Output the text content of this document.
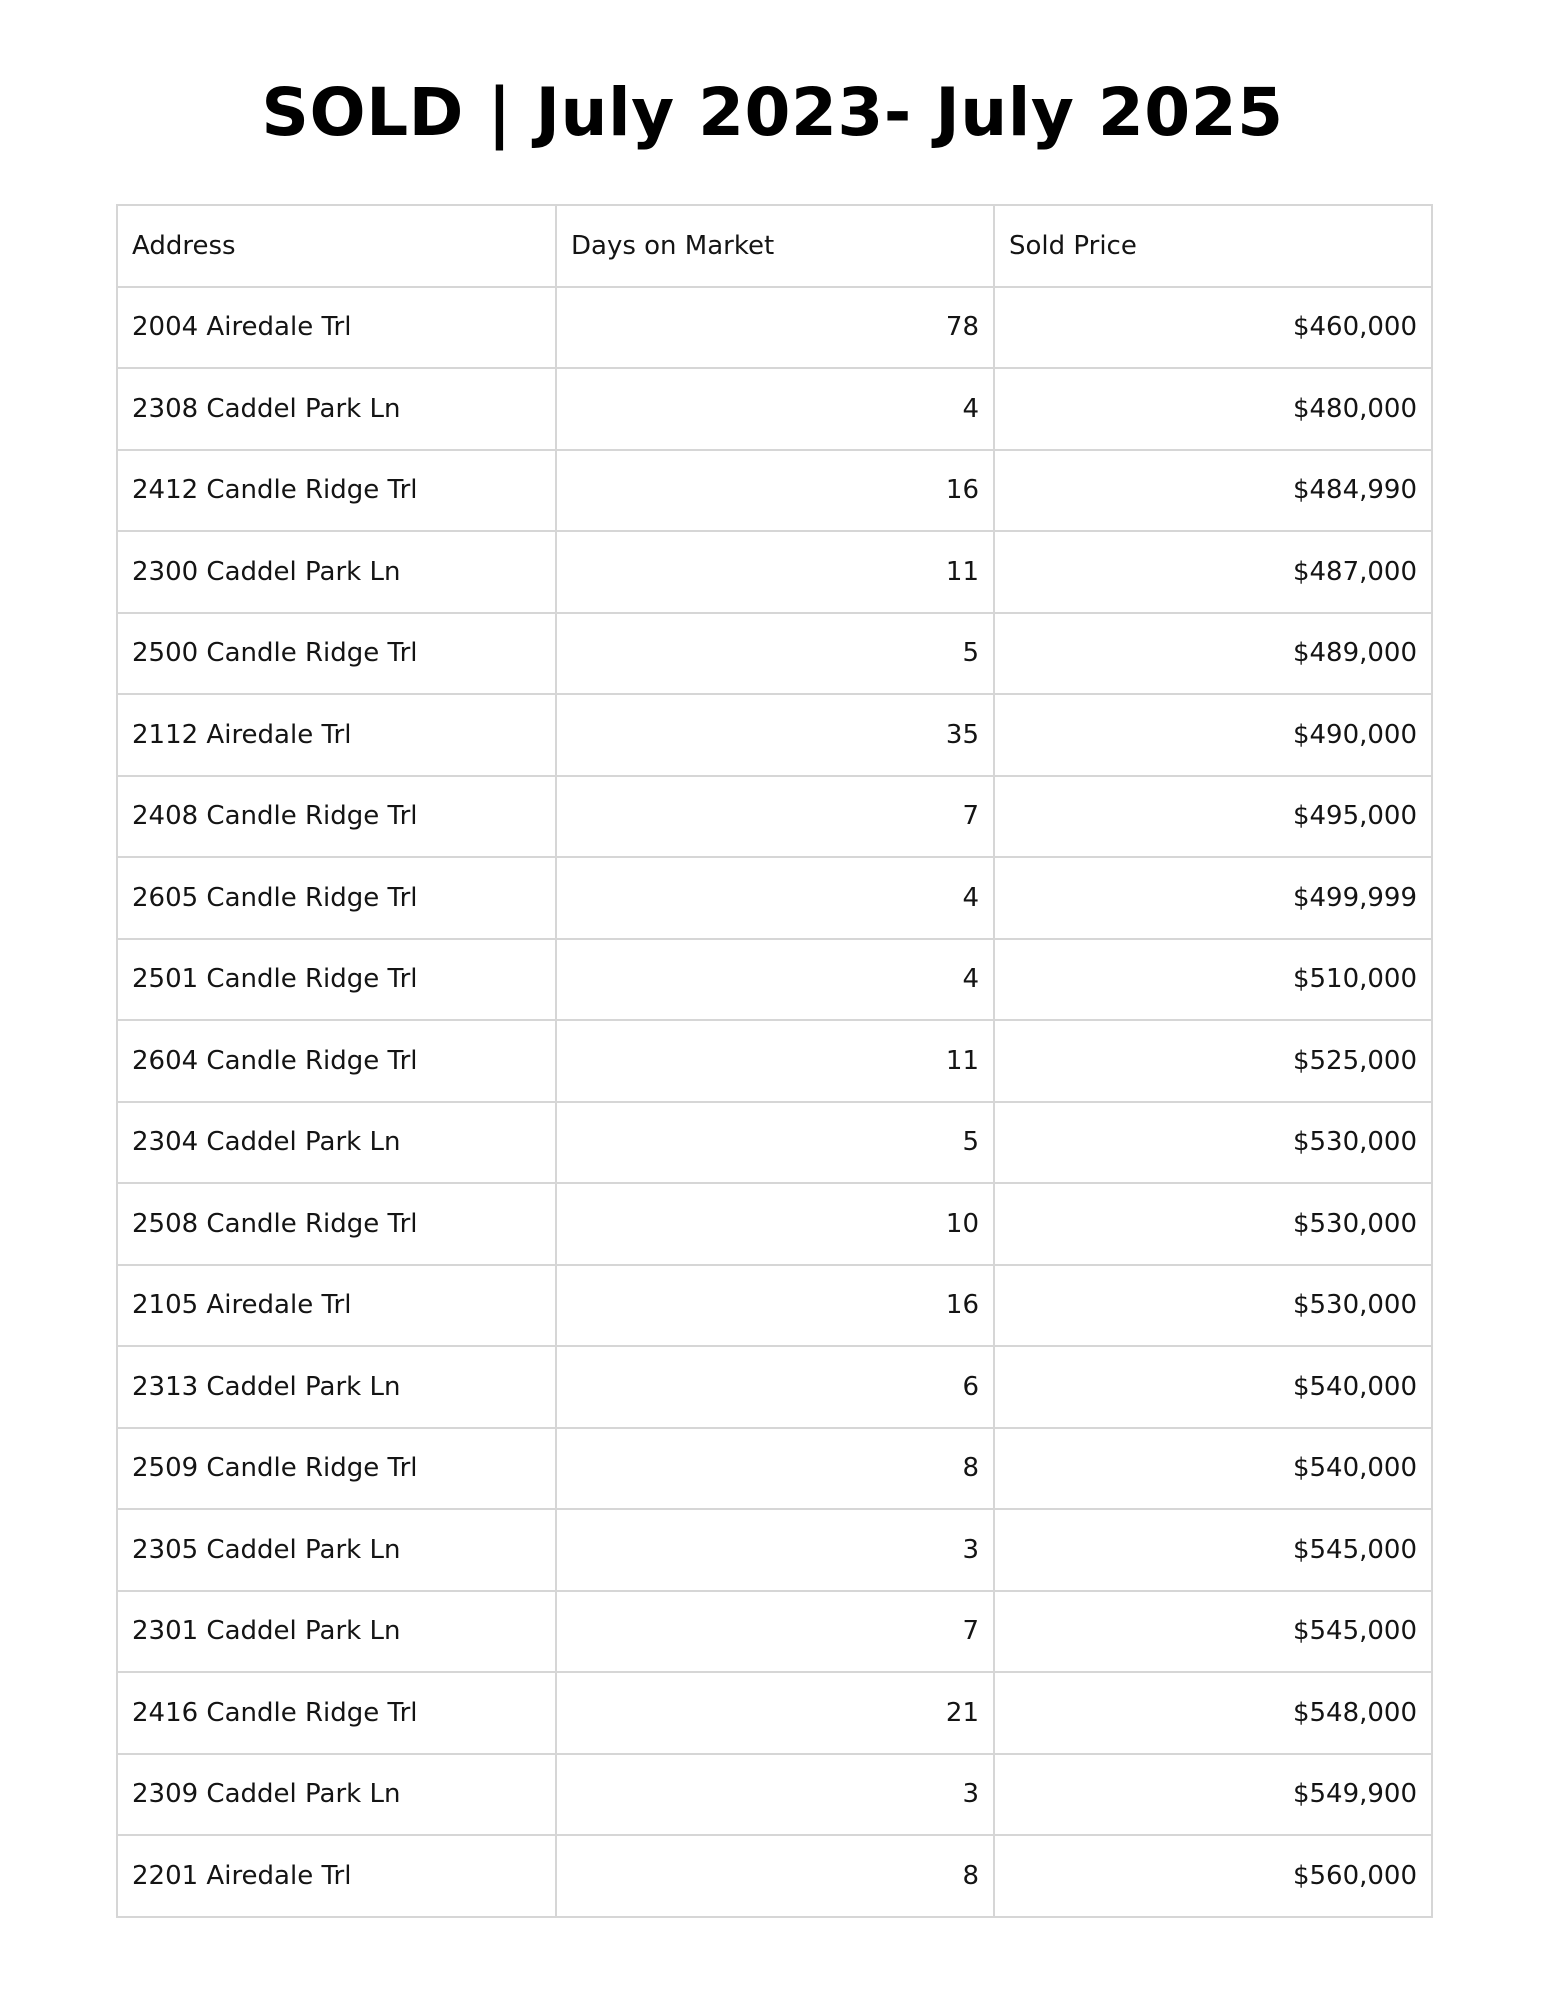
SOLD | July 2023- July 2025
Address	Days on Market	Sold Price
2004 Airedale Trl	78	$460,000
2308 Caddel Park Ln	4	$480,000
2412 Candle Ridge Trl	16	$484,990
2300 Caddel Park Ln	11	$487,000
2500 Candle Ridge Trl	5	$489,000
2112 Airedale Trl	35	$490,000
2408 Candle Ridge Trl	7	$495,000
2605 Candle Ridge Trl	4	$499,999
2501 Candle Ridge Trl	4	$510,000
2604 Candle Ridge Trl	11	$525,000
2304 Caddel Park Ln	5	$530,000
2508 Candle Ridge Trl	10	$530,000
2105 Airedale Trl	16	$530,000
2313 Caddel Park Ln	6	$540,000
2509 Candle Ridge Trl	8	$540,000
2305 Caddel Park Ln	3	$545,000
2301 Caddel Park Ln	7	$545,000
2416 Candle Ridge Trl	21	$548,000
2309 Caddel Park Ln	3	$549,900
2201 Airedale Trl	8	$560,000
